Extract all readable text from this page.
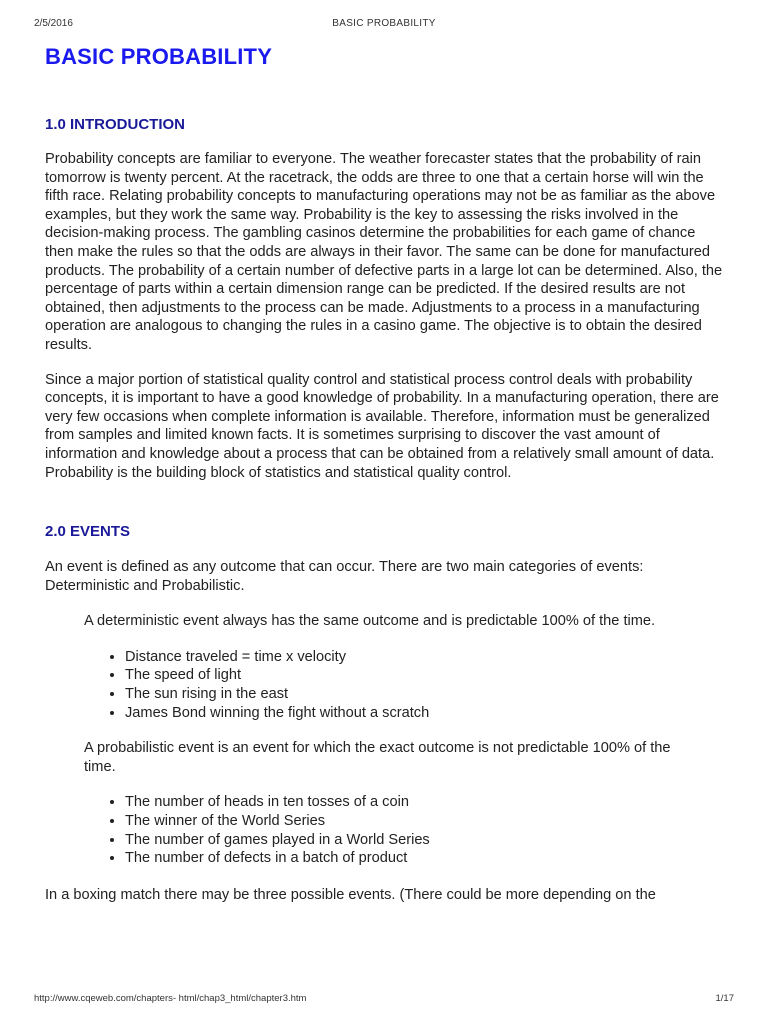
2/5/2016	BASIC PROBABILITY
BASIC PROBABILITY
1.0 INTRODUCTION

Probability concepts are familiar to everyone. The weather forecaster states that the probability of rain tomorrow is twenty percent. At the racetrack, the odds are three to one that a certain horse will win the fifth race. Relating probability concepts to manufacturing operations may not be as familiar as the above examples, but they work the same way. Probability is the key to assessing the risks involved in the decision-making process. The gambling casinos determine the probabilities for each game of chance then make the rules so that the odds are always in their favor. The same can be done for manufactured products. The probability of a certain number of defective parts in a large lot can be determined. Also, the percentage of parts within a certain dimension range can be predicted. If the desired results are not obtained, then adjustments to the process can be made. Adjustments to a process in a manufacturing operation are analogous to changing the rules in a casino game. The objective is to obtain the desired results.

Since a major portion of statistical quality control and statistical process control deals with probability concepts, it is important to have a good knowledge of probability. In a manufacturing operation, there are very few occasions when complete information is available. Therefore, information must be generalized from samples and limited known facts. It is sometimes surprising to discover the vast amount of information and knowledge about a process that can be obtained from a relatively small amount of data. Probability is the building block of statistics and statistical quality control.

2.0 EVENTS

An event is defined as any outcome that can occur. There are two main categories of events: Deterministic and Probabilistic.

A deterministic event always has the same outcome and is predictable 100% of the time.

• Distance traveled = time x velocity
• The speed of light
• The sun rising in the east
• James Bond winning the fight without a scratch

A probabilistic event is an event for which the exact outcome is not predictable 100% of the time.

• The number of heads in ten tosses of a coin
• The winner of the World Series
• The number of games played in a World Series
• The number of defects in a batch of product

In a boxing match there may be three possible events. (There could be more depending on the

http://www.cqeweb.com/chapters- html/chap3_html/chapter3.htm	1/17
